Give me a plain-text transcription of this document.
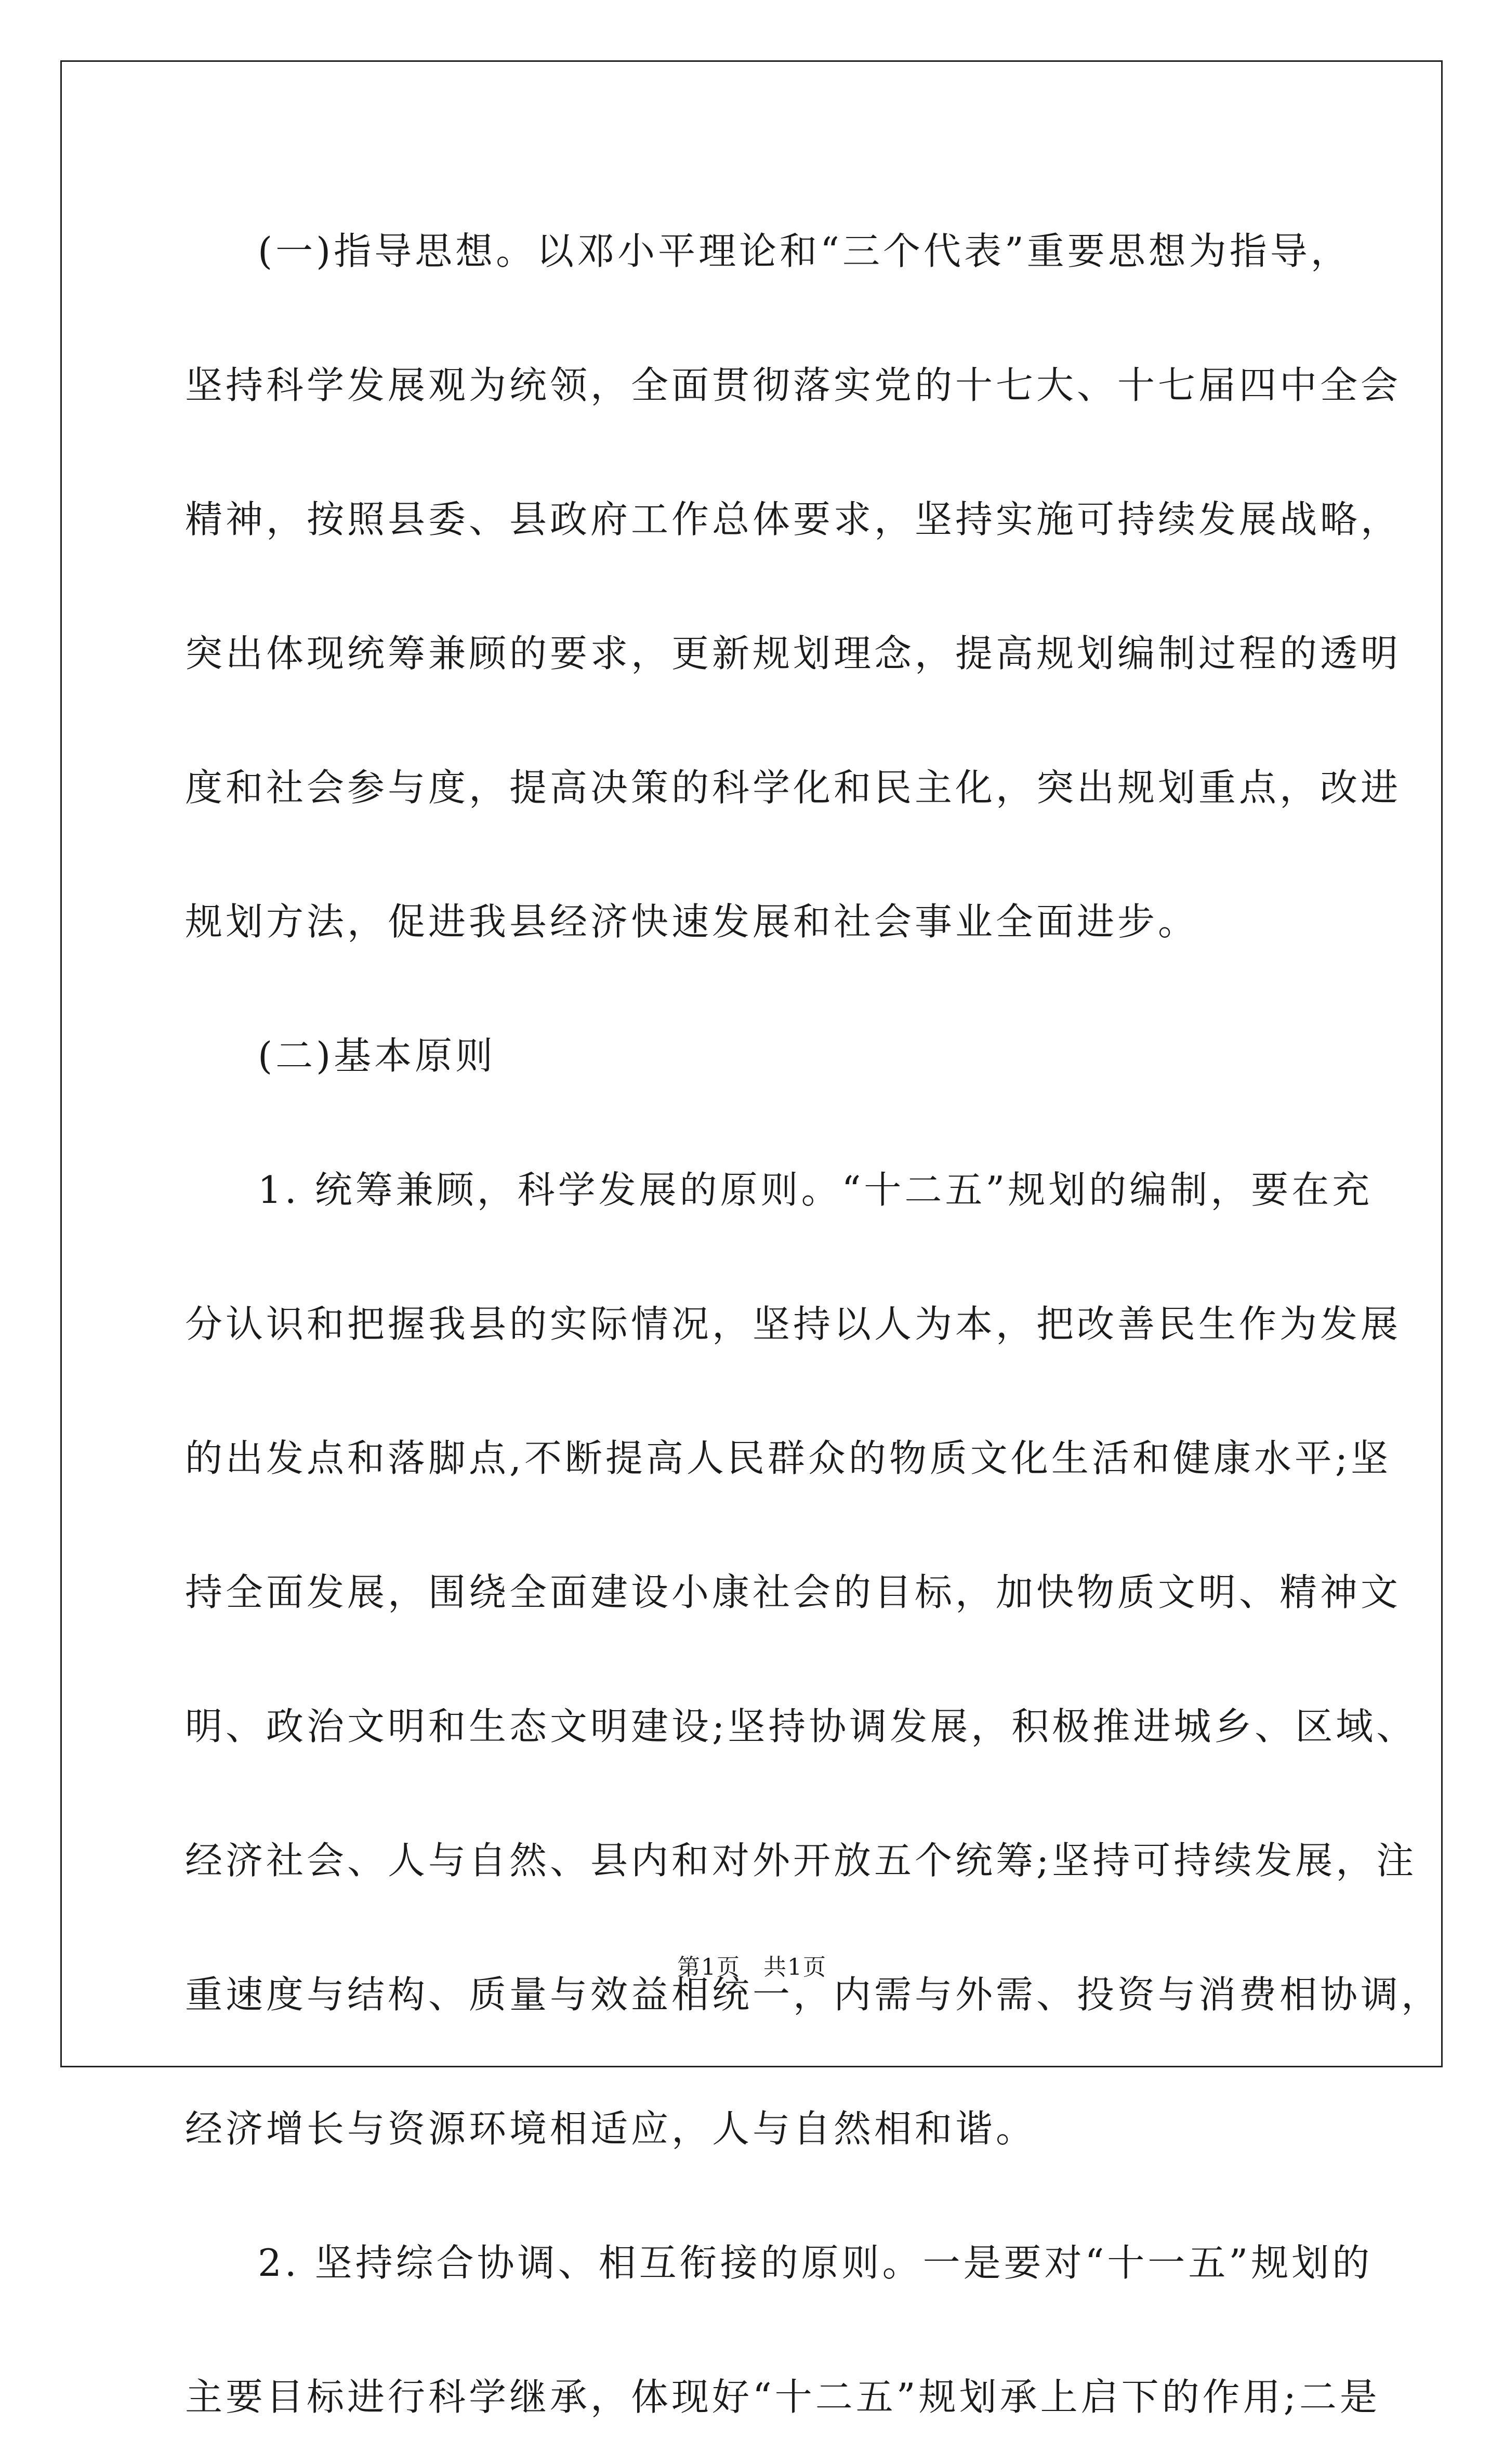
(一)指导思想。以邓小平理论和“三个代表”重要思想为指导，

坚持科学发展观为统领，全面贯彻落实党的十七大、十七届四中全会

精神，按照县委、县政府工作总体要求，坚持实施可持续发展战略，

突出体现统筹兼顾的要求，更新规划理念，提高规划编制过程的透明

度和社会参与度，提高决策的科学化和民主化，突出规划重点，改进

规划方法，促进我县经济快速发展和社会事业全面进步。

(二)基本原则

1. 统筹兼顾，科学发展的原则。“十二五”规划的编制，要在充

分认识和把握我县的实际情况，坚持以人为本，把改善民生作为发展

的出发点和落脚点,不断提高人民群众的物质文化生活和健康水平;坚

持全面发展，围绕全面建设小康社会的目标，加快物质文明、精神文

明、政治文明和生态文明建设;坚持协调发展，积极推进城乡、区域、

经济社会、人与自然、县内和对外开放五个统筹;坚持可持续发展，注

重速度与结构、质量与效益相统一，内需与外需、投资与消费相协调，

经济增长与资源环境相适应，人与自然相和谐。

2. 坚持综合协调、相互衔接的原则。一是要对“十一五”规划的

主要目标进行科学继承，体现好“十二五”规划承上启下的作用;二是

第1页 共1页
